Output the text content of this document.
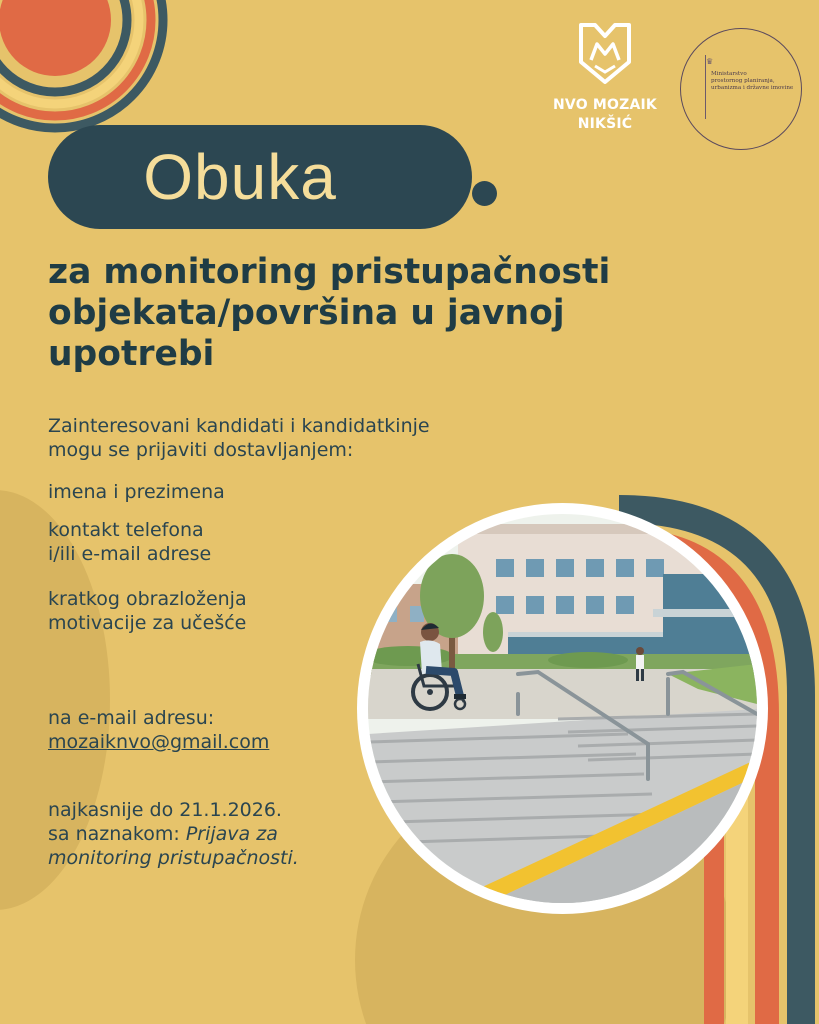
NVO MOZAIK
NIKŠIĆ
♛
Ministarstvo
prostornog planiranja,
urbanizma i državne imovine
Obuka
za monitoring pristupačnosti
objekata/površina u javnoj
upotrebi
Zainteresovani kandidati i kandidatkinje
mogu se prijaviti dostavljanjem:
imena i prezimena
kontakt telefona
i/ili e-mail adrese
kratkog obrazloženja
motivacije za učešće
na e-mail adresu:
mozaiknvo@gmail.com
najkasnije do 21.1.2026.
sa naznakom: Prijava za
monitoring pristupačnosti.
